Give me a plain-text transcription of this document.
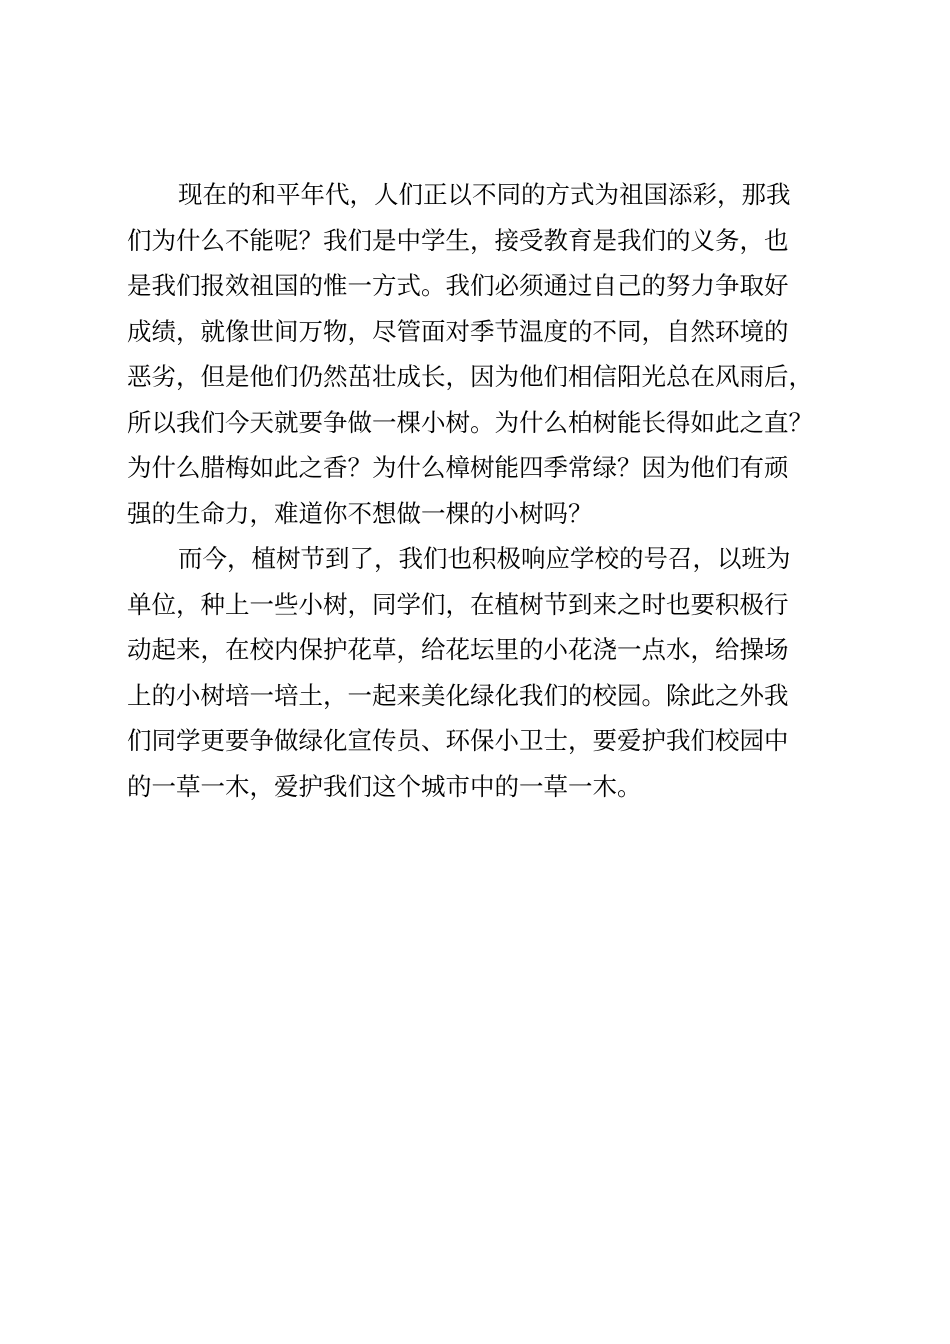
现在的和平年代，人们正以不同的方式为祖国添彩，那我
们为什么不能呢？我们是中学生，接受教育是我们的义务，也
是我们报效祖国的惟一方式。我们必须通过自己的努力争取好
成绩，就像世间万物，尽管面对季节温度的不同，自然环境的
恶劣，但是他们仍然茁壮成长，因为他们相信阳光总在风雨后，
所以我们今天就要争做一棵小树。为什么柏树能长得如此之直？
为什么腊梅如此之香？为什么樟树能四季常绿？因为他们有顽
强的生命力，难道你不想做一棵的小树吗？
而今，植树节到了，我们也积极响应学校的号召，以班为
单位，种上一些小树，同学们，在植树节到来之时也要积极行
动起来，在校内保护花草，给花坛里的小花浇一点水，给操场
上的小树培一培土，一起来美化绿化我们的校园。除此之外我
们同学更要争做绿化宣传员、环保小卫士，要爱护我们校园中
的一草一木，爱护我们这个城市中的一草一木。
